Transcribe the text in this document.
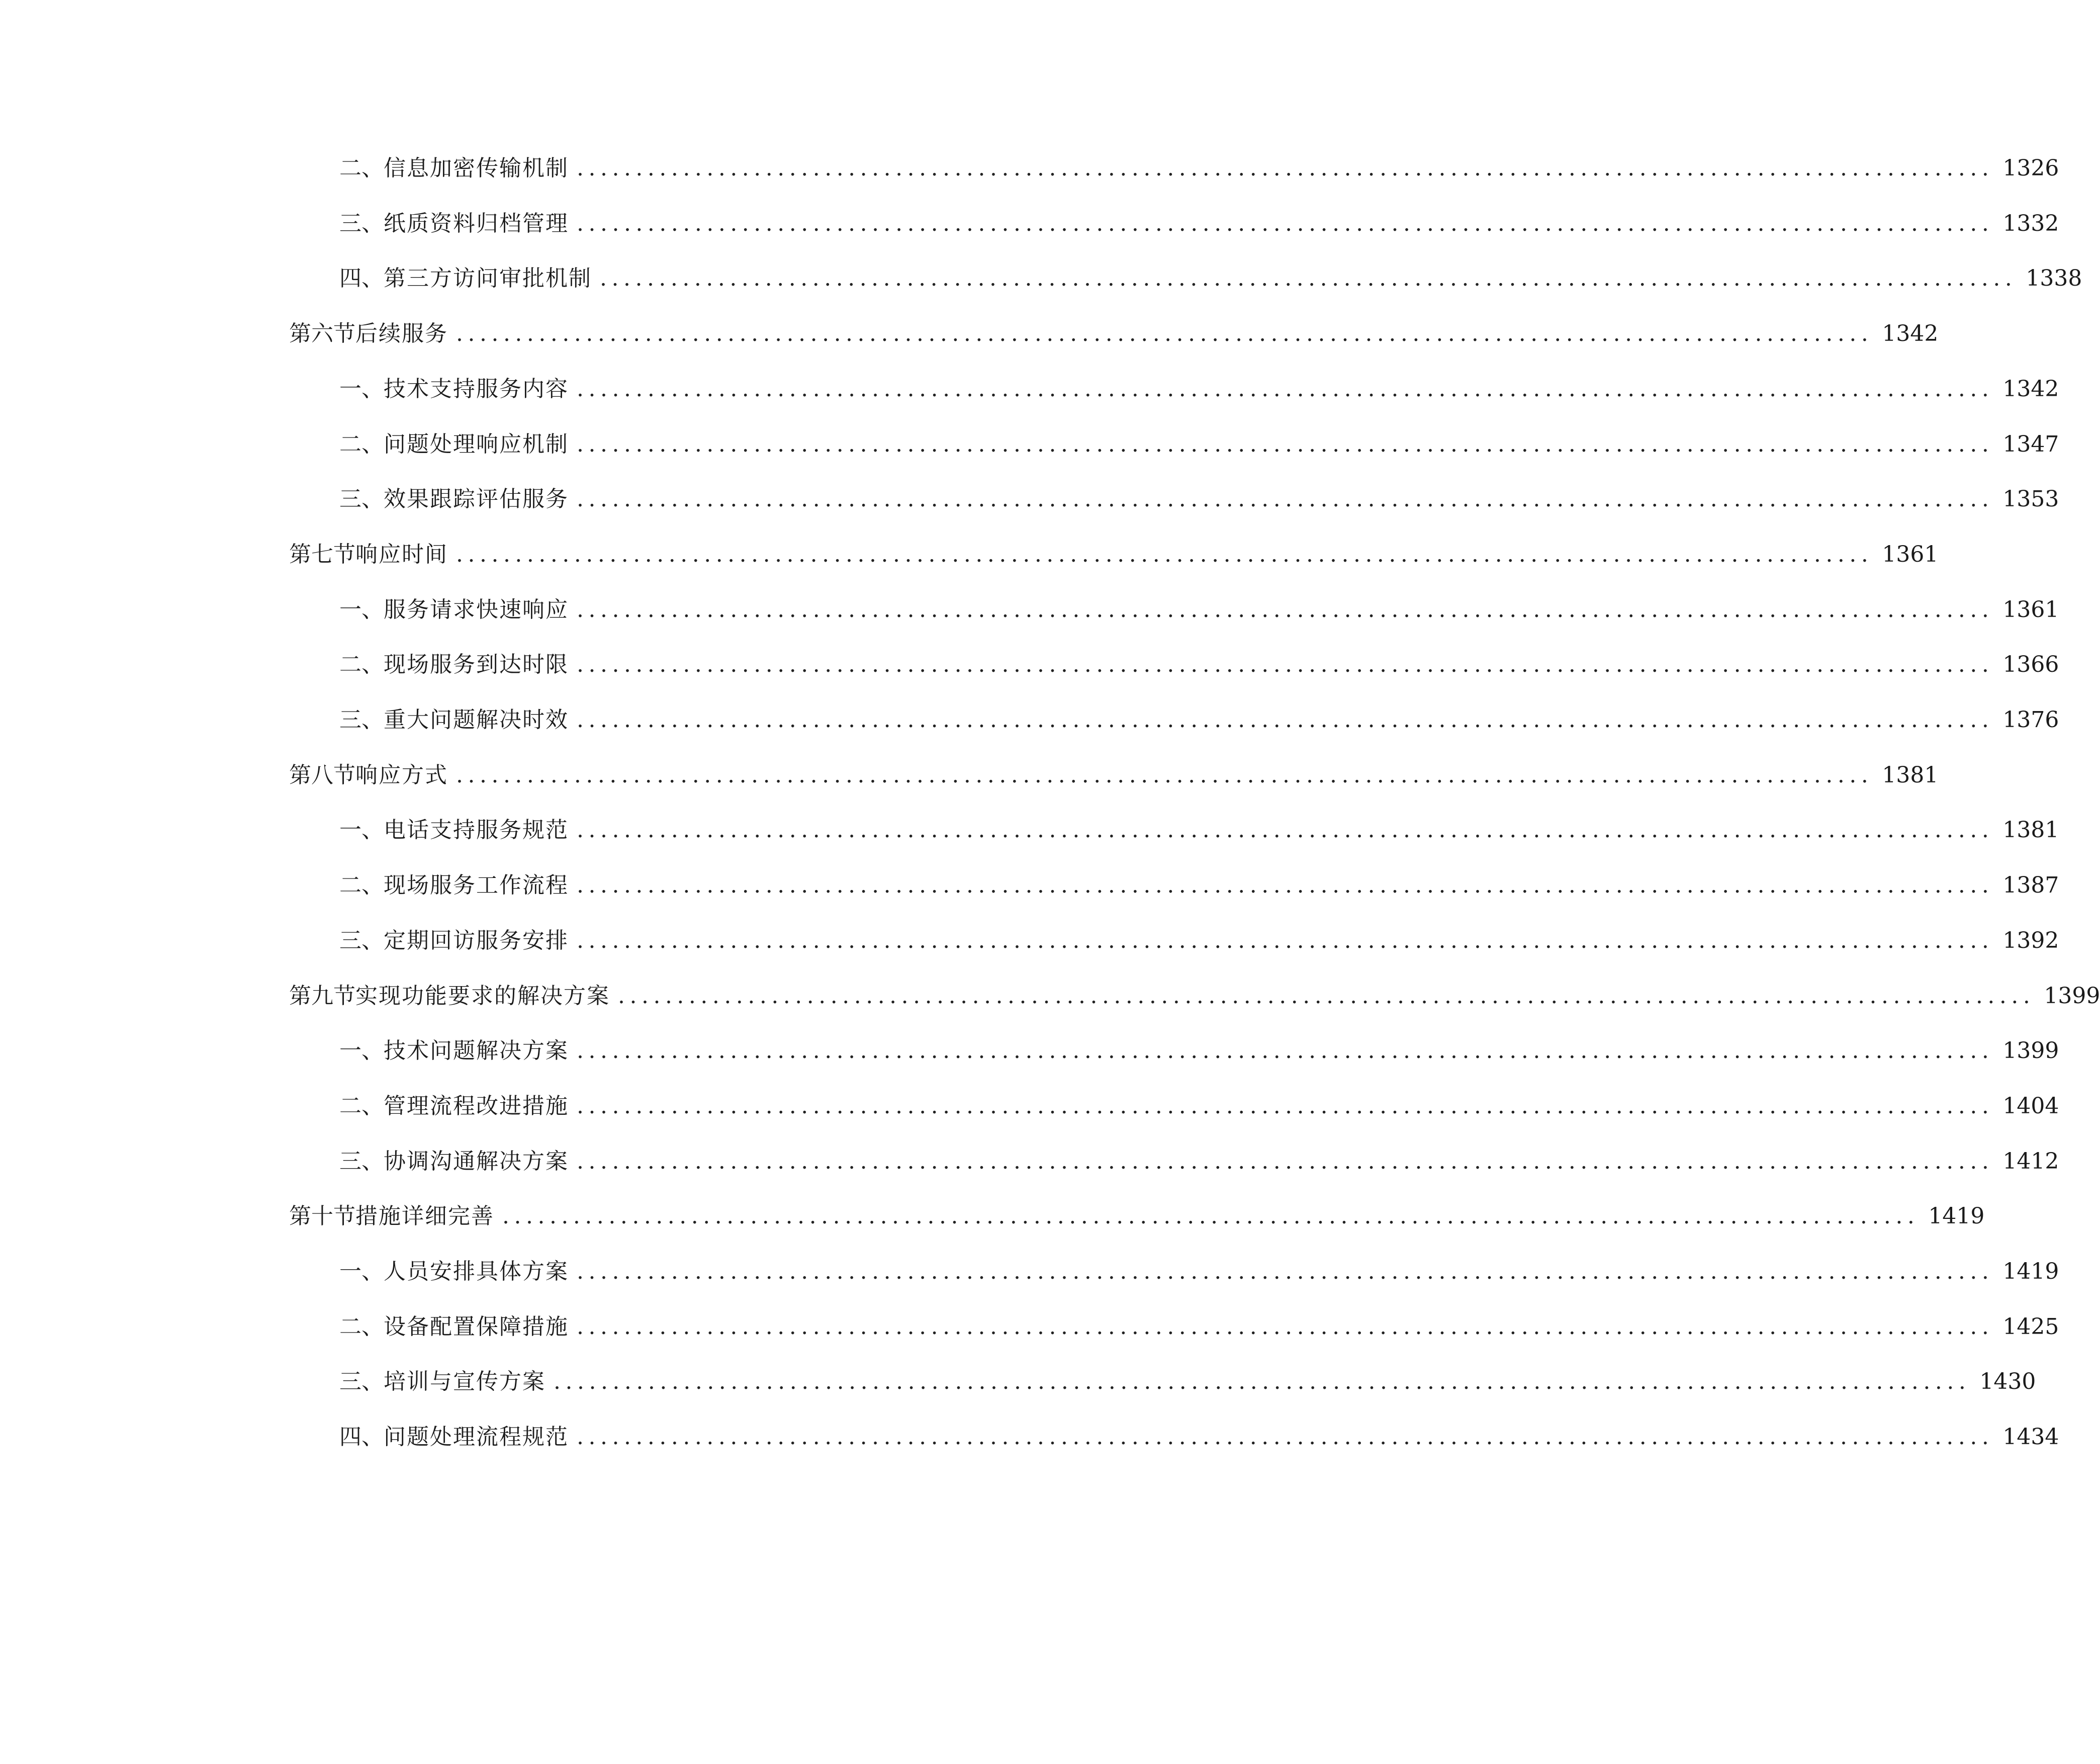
二、 信息加密传输机制 ........................................................................................................................ 1326
三、 纸质资料归档管理 ........................................................................................................................ 1332
四、 第三方访问审批机制 ........................................................................................................................ 1338
第六节 后续服务 ........................................................................................................................ 1342
一、 技术支持服务内容 ........................................................................................................................ 1342
二、 问题处理响应机制 ........................................................................................................................ 1347
三、 效果跟踪评估服务 ........................................................................................................................ 1353
第七节 响应时间 ........................................................................................................................ 1361
一、 服务请求快速响应 ........................................................................................................................ 1361
二、 现场服务到达时限 ........................................................................................................................ 1366
三、 重大问题解决时效 ........................................................................................................................ 1376
第八节 响应方式 ........................................................................................................................ 1381
一、 电话支持服务规范 ........................................................................................................................ 1381
二、 现场服务工作流程 ........................................................................................................................ 1387
三、 定期回访服务安排 ........................................................................................................................ 1392
第九节 实现功能要求的解决方案 ........................................................................................................................ 1399
一、 技术问题解决方案 ........................................................................................................................ 1399
二、 管理流程改进措施 ........................................................................................................................ 1404
三、 协调沟通解决方案 ........................................................................................................................ 1412
第十节 措施详细完善 ........................................................................................................................ 1419
一、 人员安排具体方案 ........................................................................................................................ 1419
二、 设备配置保障措施 ........................................................................................................................ 1425
三、 培训与宣传方案 ........................................................................................................................ 1430
四、 问题处理流程规范 ........................................................................................................................ 1434
